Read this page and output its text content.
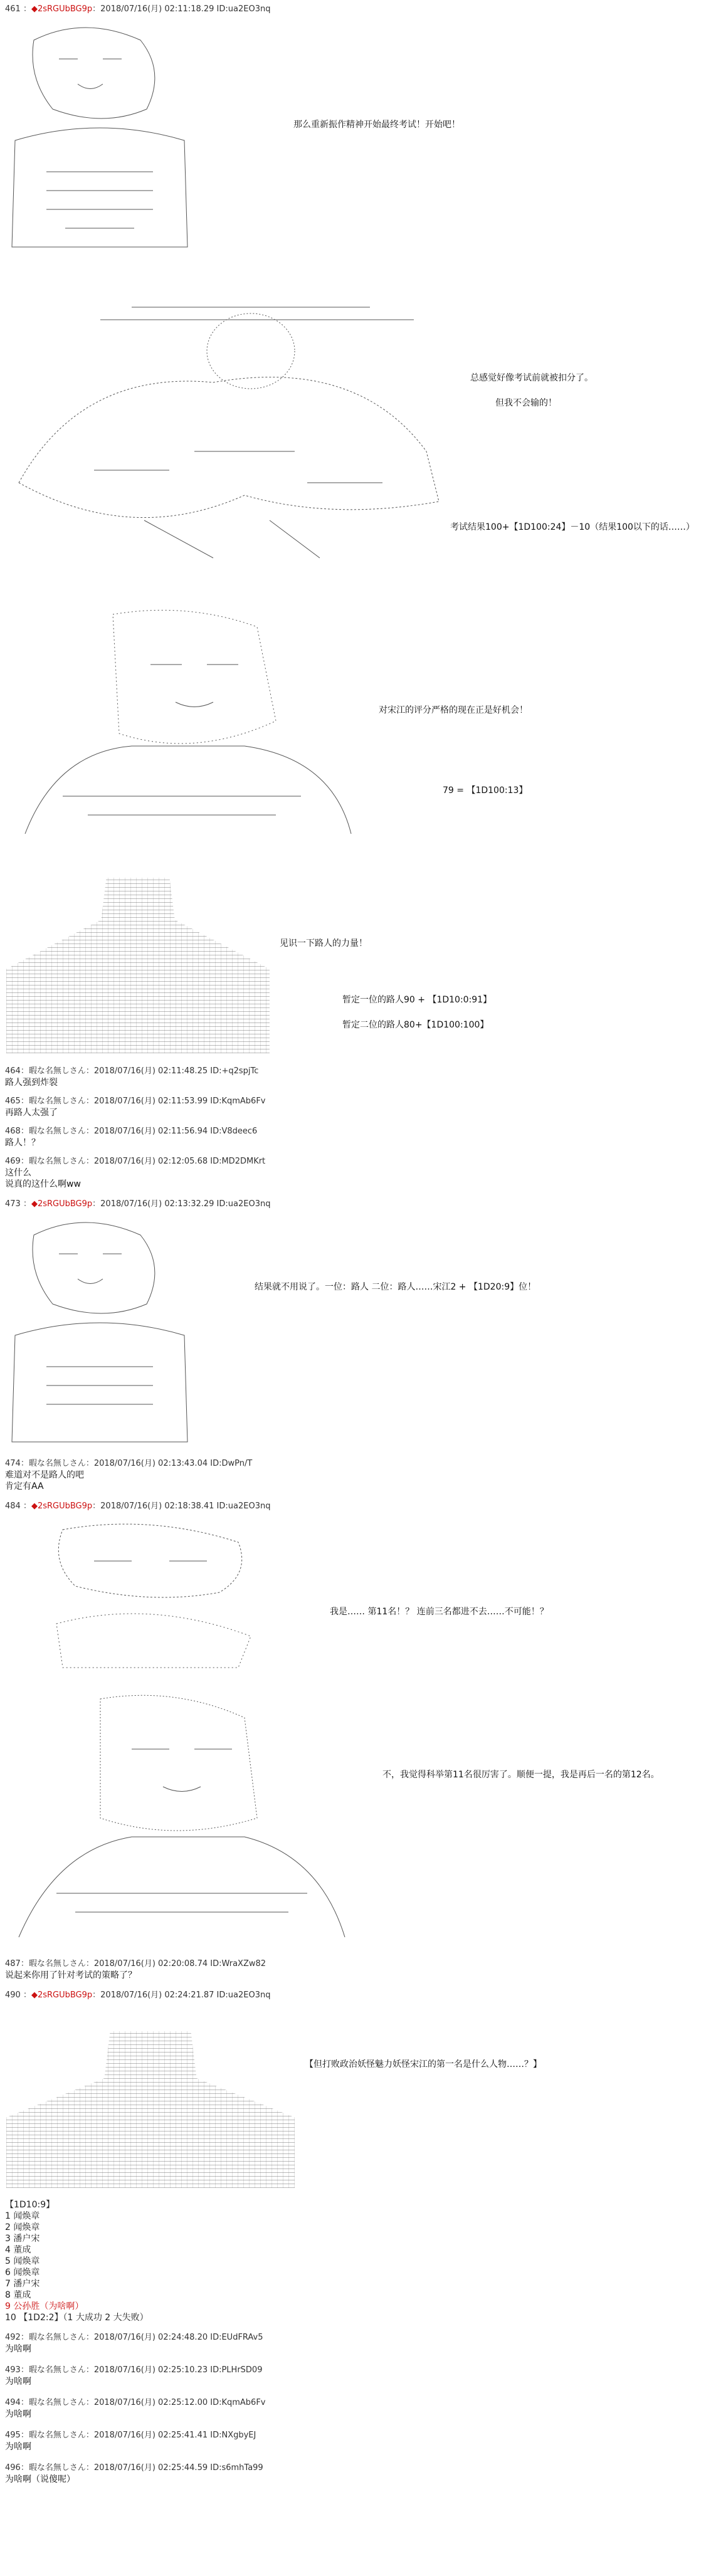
461 ：◆2sRGUbBG9p：2018/07/16(月) 02:11:18.29 ID:ua2EO3nq

那么重新振作精神开始最终考试！开始吧！

总感觉好像考试前就被扣分了。
但我不会输的！
考试结果100+【1D100:24】－10（结果100以下的话……）

对宋江的评分严格的现在正是好机会！
79 = 【1D100:13】
见识一下路人的力量！
暂定一位的路人90 + 【1D10:0:91】
暂定二位的路人80+【1D100:100】
464：暇な名無しさん：2018/07/16(月) 02:11:48.25 ID:+q2spjTc
路人强到炸裂
465：暇な名無しさん：2018/07/16(月) 02:11:53.99 ID:KqmAb6Fv
再路人太强了
468：暇な名無しさん：2018/07/16(月) 02:11:56.94 ID:V8deec6
路人！？
469：暇な名無しさん：2018/07/16(月) 02:12:05.68 ID:MD2DMKrt
这什么
说真的这什么啊ww
473 ：◆2sRGUbBG9p：2018/07/16(月) 02:13:32.29 ID:ua2EO3nq

结果就不用说了。一位：路人 二位：路人……宋江2 + 【1D20:9】位！
474：暇な名無しさん：2018/07/16(月) 02:13:43.04 ID:DwPn/T
难道对不是路人的吧
肯定有AA
484 ：◆2sRGUbBG9p：2018/07/16(月) 02:18:38.41 ID:ua2EO3nq

我是…… 第11名！？ 连前三名都进不去……不可能！？

不，我觉得科举第11名很厉害了。顺便一提，我是再后一名的第12名。
487：暇な名無しさん：2018/07/16(月) 02:20:08.74 ID:WraXZw82
说起来你用了针对考试的策略了？
490 ：◆2sRGUbBG9p：2018/07/16(月) 02:24:21.87 ID:ua2EO3nq
【但打败政治妖怪魅力妖怪宋江的第一名是什么人物……？】
【1D10:9】
1 闻焕章
2 闻焕章
3 潘户宋
4 董成
5 闻焕章
6 闻焕章
7 潘户宋
8 董成
9 公孙胜（为啥啊）
10 【1D2:2】（1 大成功 2 大失败）
492：暇な名無しさん：2018/07/16(月) 02:24:48.20 ID:EUdFRAv5
为啥啊
493：暇な名無しさん：2018/07/16(月) 02:25:10.23 ID:PLHrSD09
为啥啊
494：暇な名無しさん：2018/07/16(月) 02:25:12.00 ID:KqmAb6Fv
为啥啊
495：暇な名無しさん：2018/07/16(月) 02:25:41.41 ID:NXgbyEJ
为啥啊
496：暇な名無しさん：2018/07/16(月) 02:25:44.59 ID:s6mhTa99
为啥啊（说傻呢）
